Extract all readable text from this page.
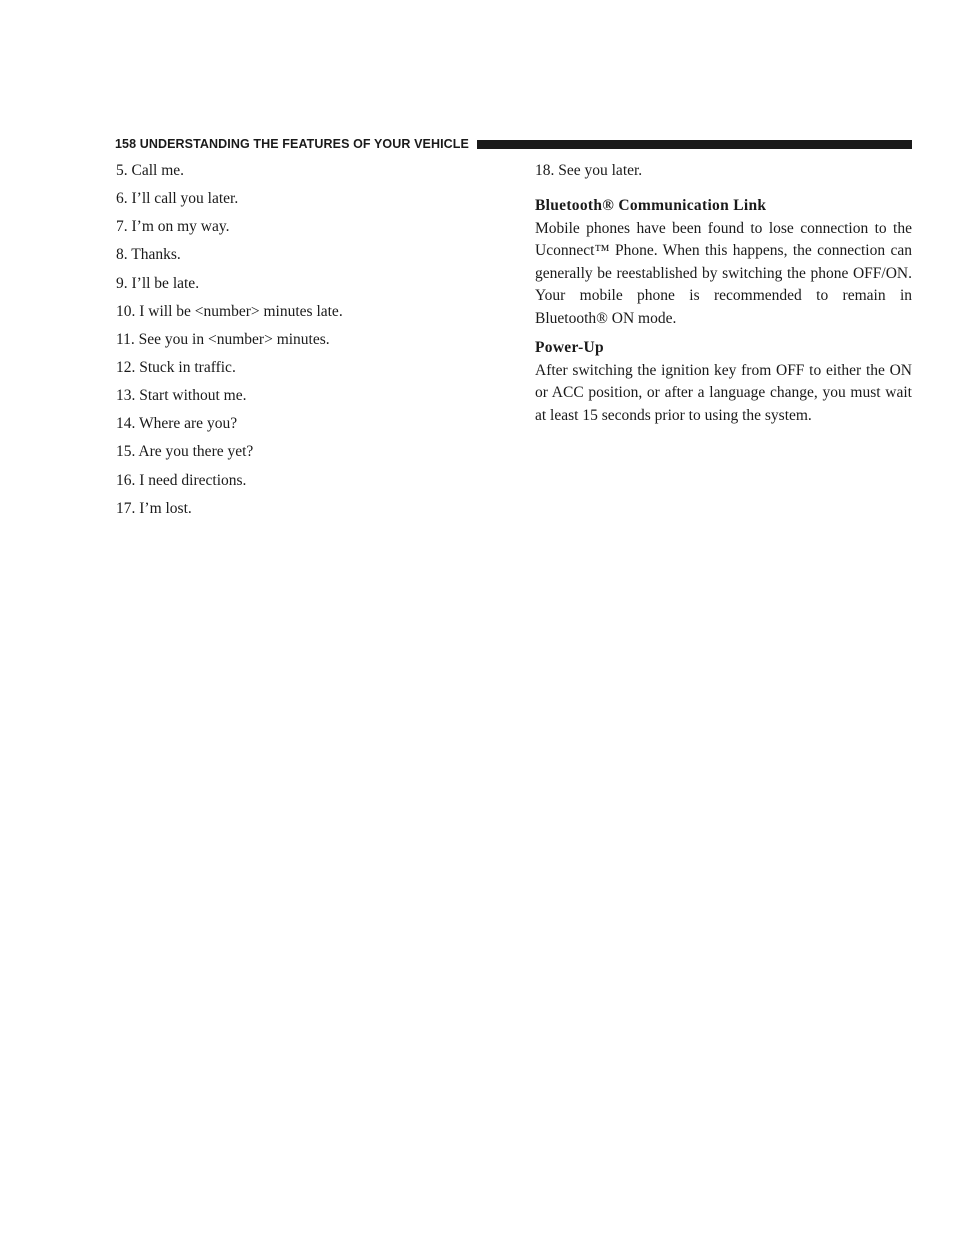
158 UNDERSTANDING THE FEATURES OF YOUR VEHICLE
5. Call me.
6. I’ll call you later.
7. I’m on my way.
8. Thanks.
9. I’ll be late.
10. I will be <number> minutes late.
11. See you in <number> minutes.
12. Stuck in traffic.
13. Start without me.
14. Where are you?
15. Are you there yet?
16. I need directions.
17. I’m lost.
18. See you later.
Bluetooth® Communication Link
Mobile phones have been found to lose connection to the Uconnect™ Phone. When this happens, the connection can generally be reestablished by switching the phone OFF/ON. Your mobile phone is recommended to remain in Bluetooth® ON mode.
Power-Up
After switching the ignition key from OFF to either the ON or ACC position, or after a language change, you must wait at least 15 seconds prior to using the system.
